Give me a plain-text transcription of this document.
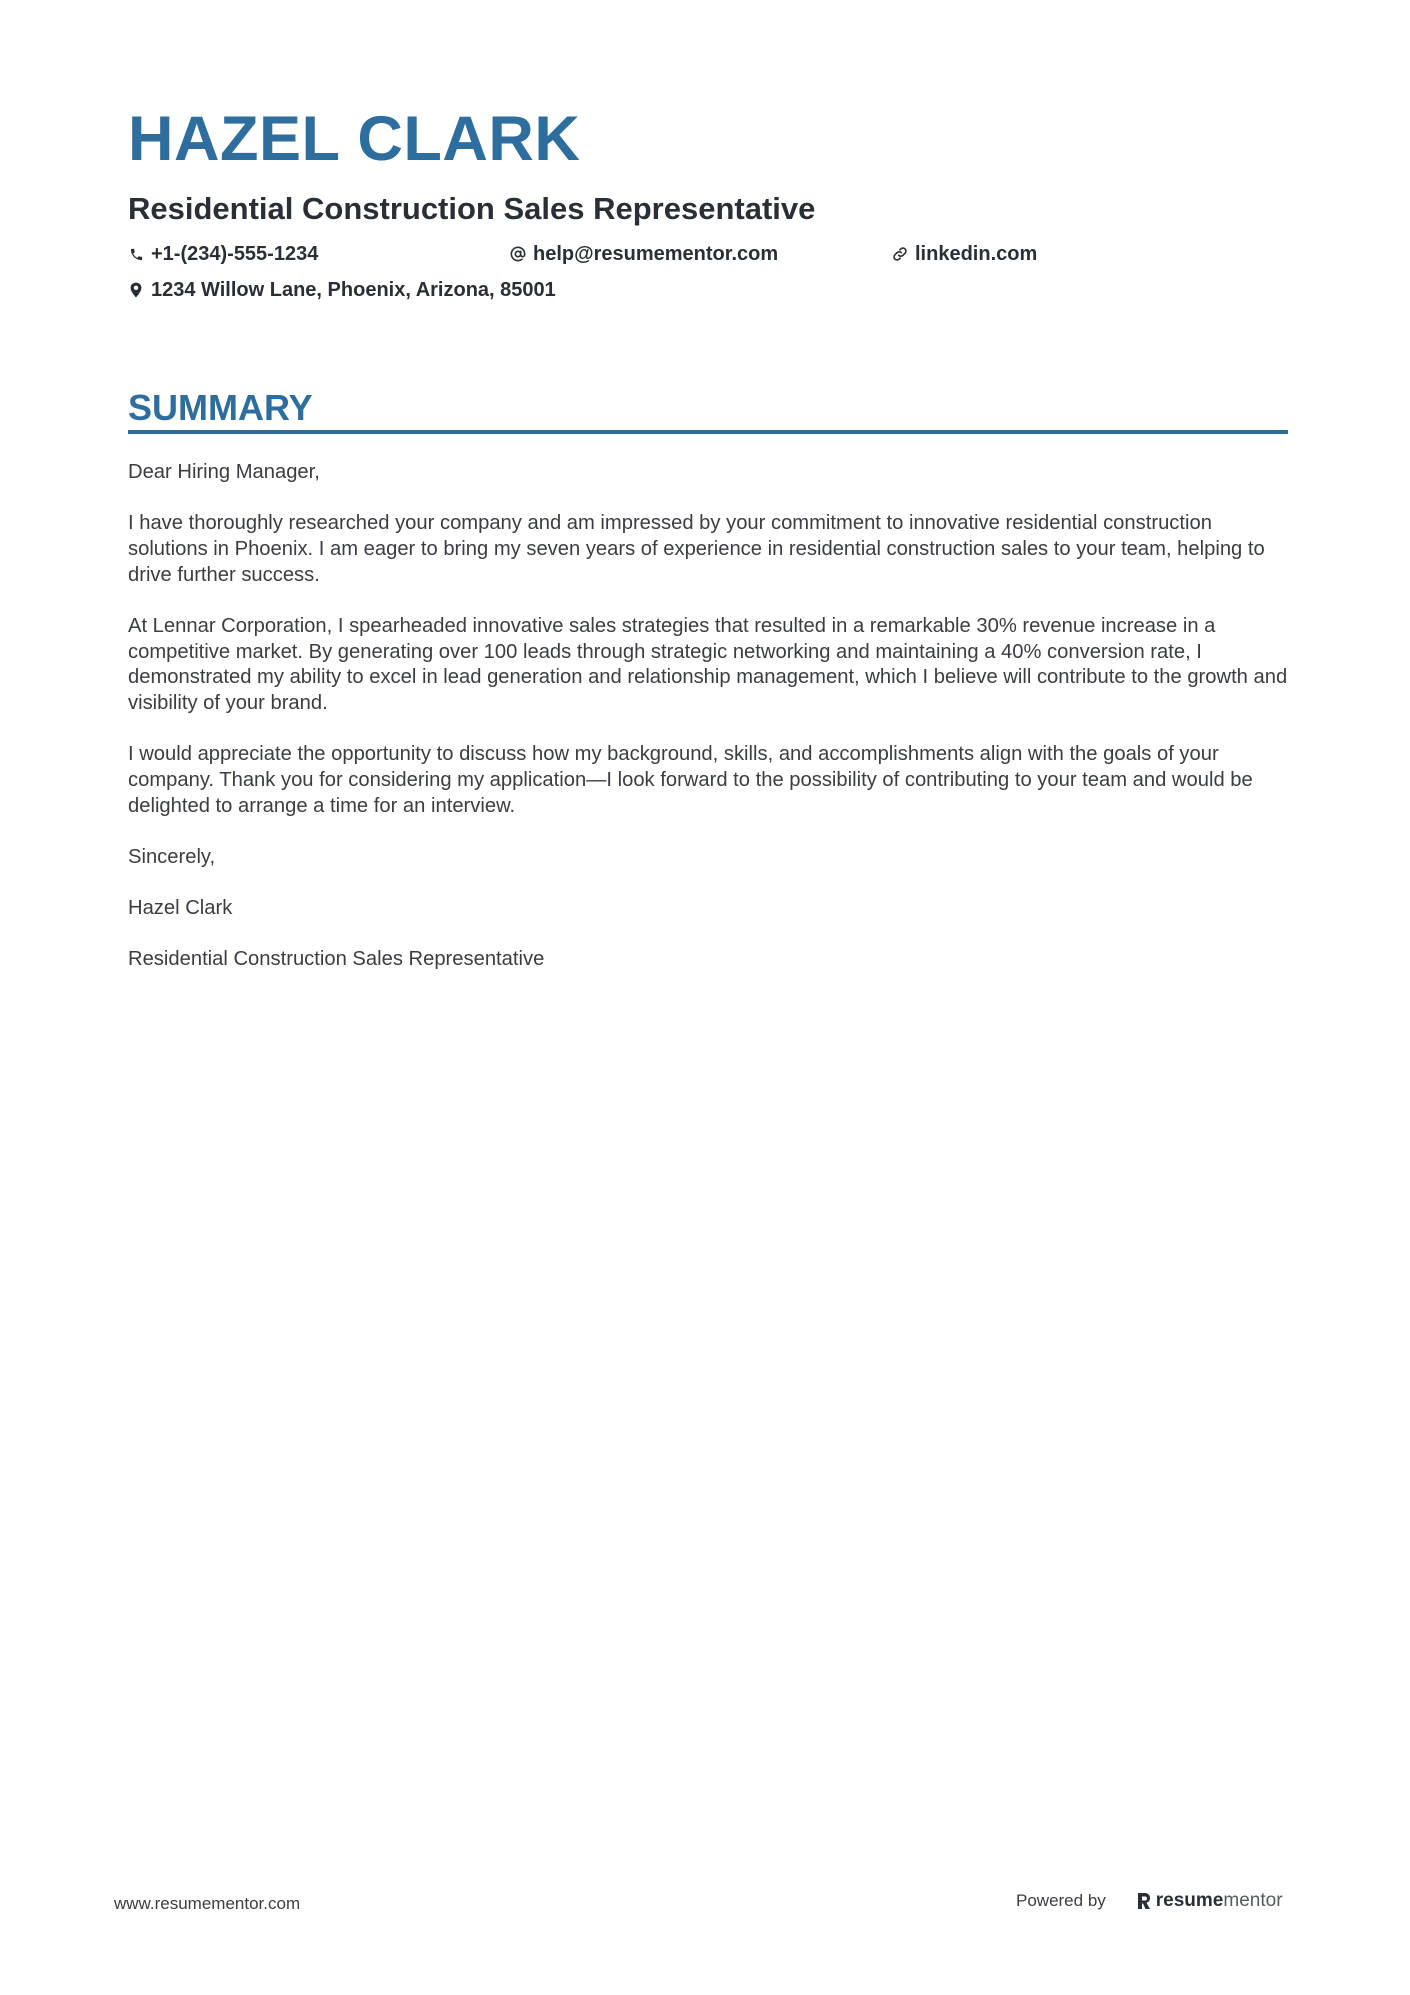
HAZEL CLARK
Residential Construction Sales Representative
+1-(234)-555-1234	help@resumementor.com	linkedin.com
1234 Willow Lane, Phoenix, Arizona, 85001
SUMMARY

Dear Hiring Manager,

I have thoroughly researched your company and am impressed by your commitment to innovative residential construction solutions in Phoenix. I am eager to bring my seven years of experience in residential construction sales to your team, helping to drive further success.

At Lennar Corporation, I spearheaded innovative sales strategies that resulted in a remarkable 30% revenue increase in a competitive market. By generating over 100 leads through strategic networking and maintaining a 40% conversion rate, I demonstrated my ability to excel in lead generation and relationship management, which I believe will contribute to the growth and visibility of your brand.

I would appreciate the opportunity to discuss how my background, skills, and accomplishments align with the goals of your company. Thank you for considering my application—I look forward to the possibility of contributing to your team and would be delighted to arrange a time for an interview.

Sincerely,

Hazel Clark

Residential Construction Sales Representative

www.resumementor.com	Powered by	resume mentor
